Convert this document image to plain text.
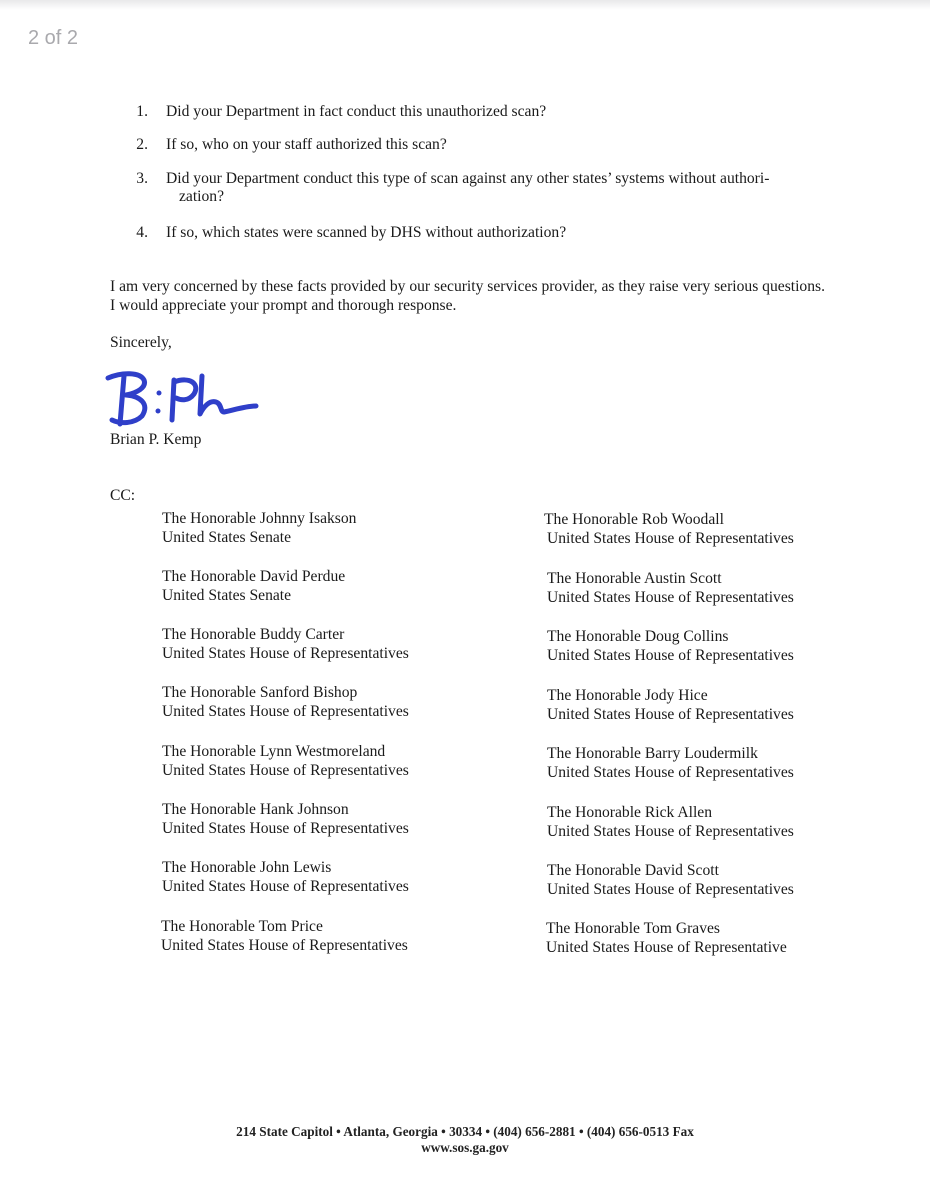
2 of 2
1. Did your Department in fact conduct this unauthorized scan?
2. If so, who on your staff authorized this scan?
3. Did your Department conduct this type of scan against any other states’ systems without authori-
zation?
4. If so, which states were scanned by DHS without authorization?
I am very concerned by these facts provided by our security services provider, as they raise very serious questions. I would appreciate your prompt and thorough response.
Sincerely,
Brian P. Kemp
CC:
The Honorable Johnny Isakson
United States Senate
The Honorable David Perdue
United States Senate
The Honorable Buddy Carter
United States House of Representatives
The Honorable Sanford Bishop
United States House of Representatives
The Honorable Lynn Westmoreland
United States House of Representatives
The Honorable Hank Johnson
United States House of Representatives
The Honorable John Lewis
United States House of Representatives
The Honorable Tom Price
United States House of Representatives
The Honorable Rob Woodall
United States House of Representatives
The Honorable Austin Scott
United States House of Representatives
The Honorable Doug Collins
United States House of Representatives
The Honorable Jody Hice
United States House of Representatives
The Honorable Barry Loudermilk
United States House of Representatives
The Honorable Rick Allen
United States House of Representatives
The Honorable David Scott
United States House of Representatives
The Honorable Tom Graves
United States House of Representative
214 State Capitol • Atlanta, Georgia • 30334 • (404) 656-2881 • (404) 656-0513 Fax
www.sos.ga.gov
